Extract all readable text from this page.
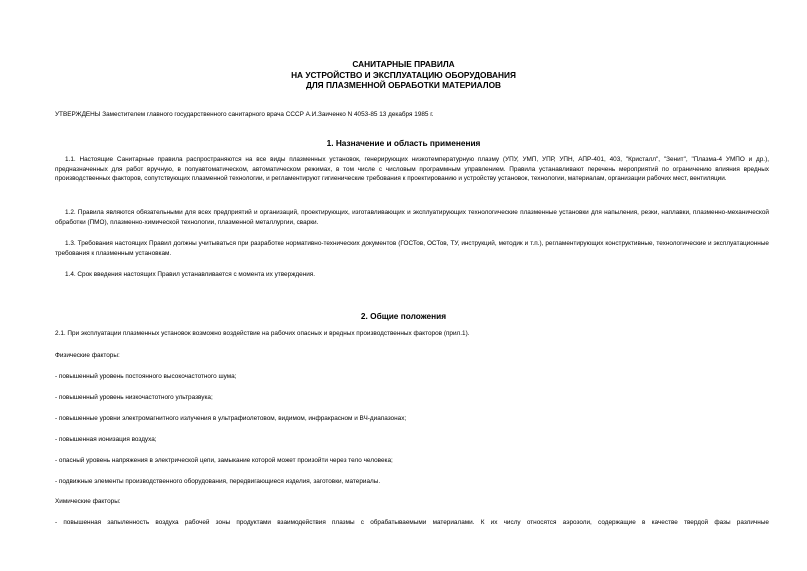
САНИТАРНЫЕ ПРАВИЛА
НА УСТРОЙСТВО И ЭКСПЛУАТАЦИЮ ОБОРУДОВАНИЯ
ДЛЯ ПЛАЗМЕННОЙ ОБРАБОТКИ МАТЕРИАЛОВ
УТВЕРЖДЕНЫ Заместителем главного государственного санитарного врача СССР А.И.Заиченко N 4053-85 13 декабря 1985 г.
1. Назначение и область применения
1.1. Настоящие Санитарные правила распространяются на все виды плазменных установок, генерирующих низкотемпературную плазму (УПУ, УМП, УПР, УПН, АПР-401, 403, "Кристалл", "Зенит", "Плазма-4 УМПО и др.), предназначенных для работ вручную, в полуавтоматическом, автоматическом режимах, в том числе с числовым программным управлением. Правила устанавливают перечень мероприятий по ограничению влияния вредных производственных факторов, сопутствующих плазменной технологии, и регламентируют гигиенические требования к проектированию и устройству установок, технологии, материалам, организации рабочих мест, вентиляции.
1.2. Правила являются обязательными для всех предприятий и организаций, проектирующих, изготавливающих и эксплуатирующих технологические плазменные установки для напыления, резки, наплавки, плазменно-механической обработки (ПМО), плазменно-химической технологии, плазменной металлургии, сварки.
1.3. Требования настоящих Правил должны учитываться при разработке нормативно-технических документов (ГОСТов, ОСТов, ТУ, инструкций, методик и т.п.), регламентирующих конструктивные, технологические и эксплуатационные требования к плазменным установкам.
1.4. Срок введения настоящих Правил устанавливается с момента их утверждения.
2. Общие положения
2.1. При эксплуатации плазменных установок возможно воздействие на рабочих опасных и вредных производственных факторов (прил.1).
Физические факторы:
- повышенный уровень постоянного высокочастотного шума;
- повышенный уровень низкочастотного ультразвука;
- повышенные уровни электромагнитного излучения в ультрафиолетовом, видимом, инфракрасном и ВЧ-диапазонах;
- повышенная ионизация воздуха;
- опасный уровень напряжения в электрической цепи, замыкание которой может произойти через тело человека;
- подвижные элементы производственного оборудования, передвигающиеся изделия, заготовки, материалы.
Химические факторы:
- повышенная запыленность воздуха рабочей зоны продуктами взаимодействия плазмы с обрабатываемыми материалами. К их числу относятся аэрозоли, содержащие в качестве твердой фазы различные
